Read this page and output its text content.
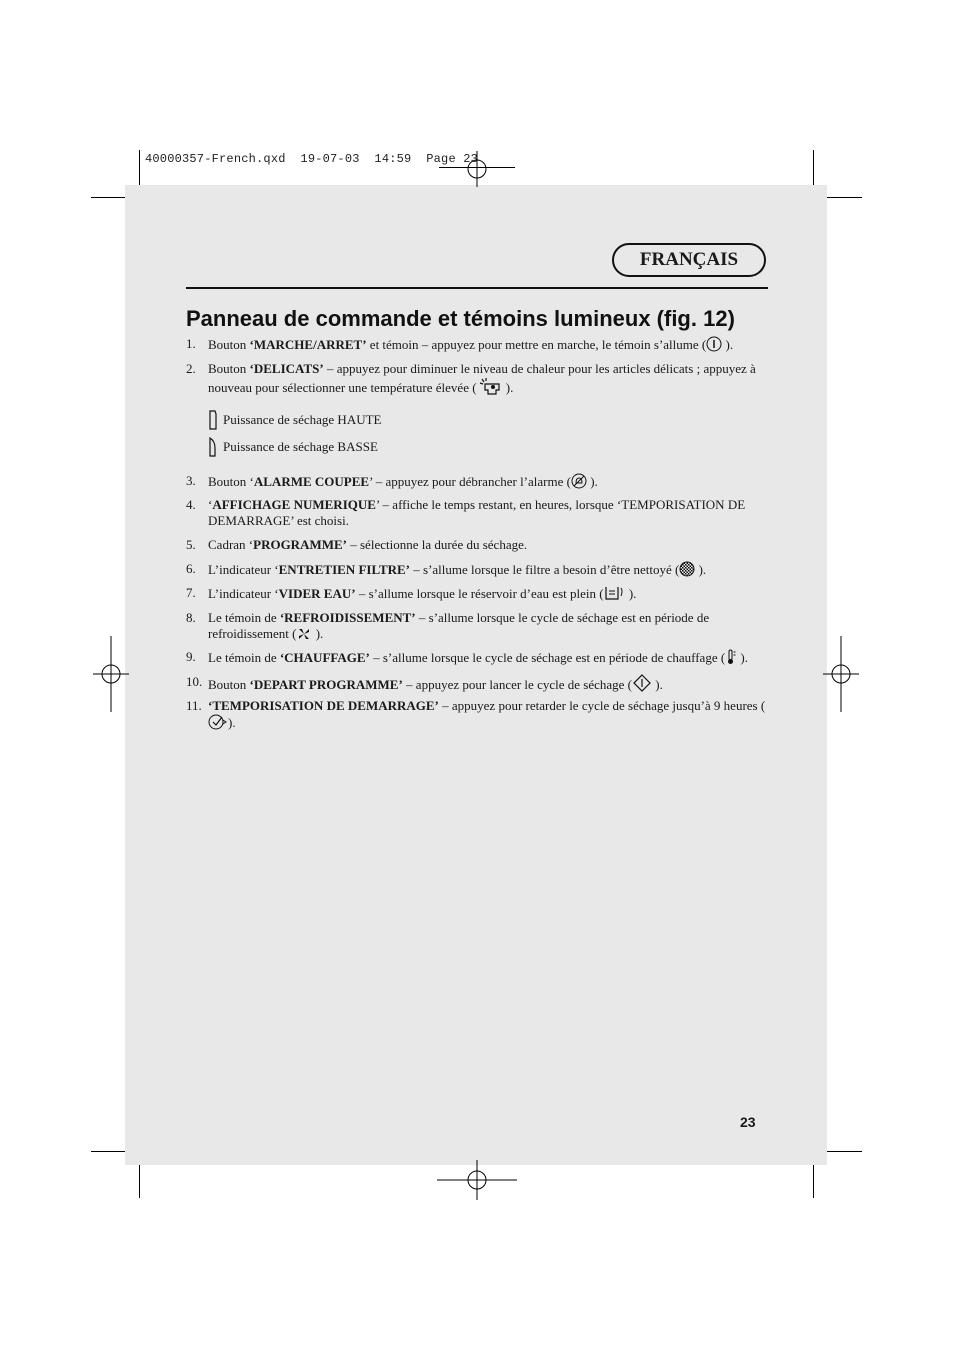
40000357-French.qxd  19-07-03  14:59  Page 23
FRANÇAIS
Panneau de commande et témoins lumineux (fig. 12)
1. Bouton ‘MARCHE/ARRET’ et témoin – appuyez pour mettre en marche, le témoin s’allume ( ).
2. Bouton ‘DELICATS’ – appuyez pour diminuer le niveau de chaleur pour les articles délicats ; appuyez à nouveau pour sélectionner une température élevée ( ).
Puissance de séchage HAUTE
Puissance de séchage BASSE
3. Bouton ‘ALARME COUPEE’ – appuyez pour débrancher l’alarme ( ).
4. ‘AFFICHAGE NUMERIQUE’ – affiche le temps restant, en heures, lorsque ‘TEMPORISATION DE DEMARRAGE’ est choisi.
5. Cadran ‘PROGRAMME’ – sélectionne la durée du séchage.
6. L’indicateur ‘ENTRETIEN FILTRE’ – s’allume lorsque le filtre a besoin d’être nettoyé ( ).
7. L’indicateur ‘VIDER EAU’ – s’allume lorsque le réservoir d’eau est plein ( ).
8. Le témoin de ‘REFROIDISSEMENT’ – s’allume lorsque le cycle de séchage est en période de refroidissement ( ).
9. Le témoin de ‘CHAUFFAGE’ – s’allume lorsque le cycle de séchage est en période de chauffage ( ).
10. Bouton ‘DEPART PROGRAMME’ – appuyez pour lancer le cycle de séchage ( ).
11. ‘TEMPORISATION DE DEMARRAGE’ – appuyez pour retarder le cycle de séchage jusqu’à 9 heures ().
23
